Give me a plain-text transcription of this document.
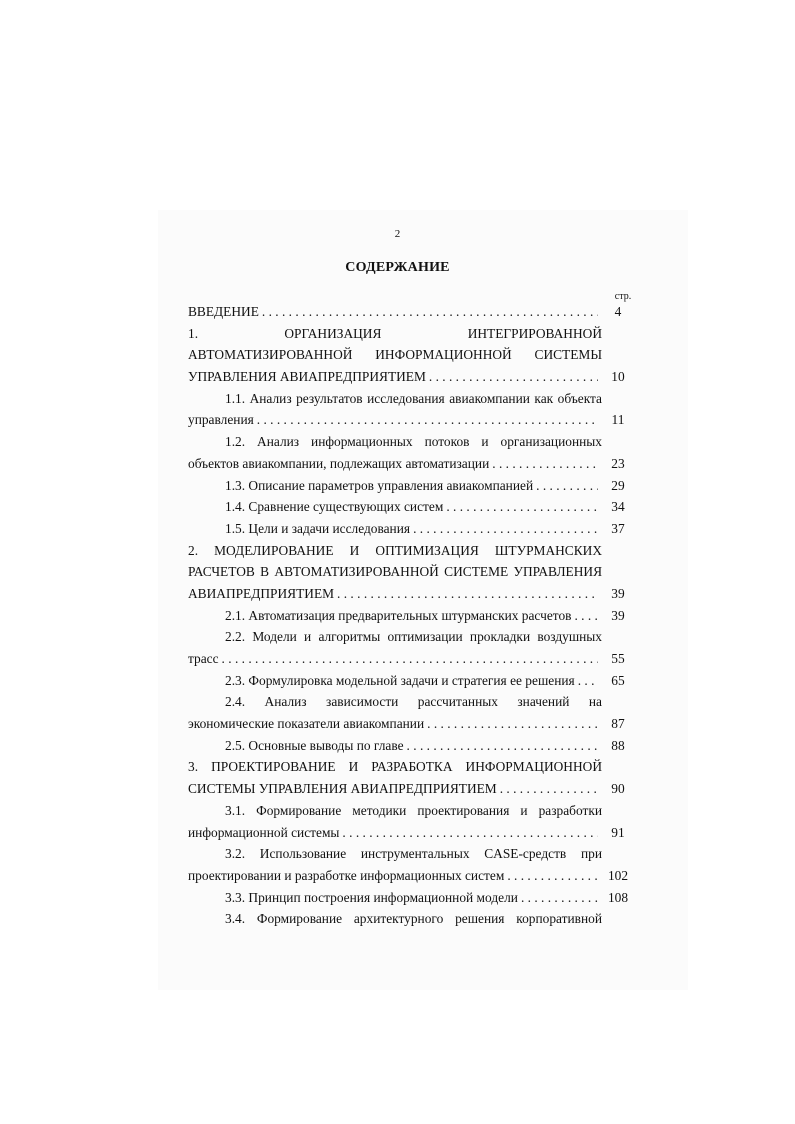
2
СОДЕРЖАНИЕ
стр.
ВВЕДЕНИЕ . . .	4
1. ОРГАНИЗАЦИЯ ИНТЕГРИРОВАННОЙ
АВТОМАТИЗИРОВАННОЙ ИНФОРМАЦИОННОЙ СИСТЕМЫ
УПРАВЛЕНИЯ АВИАПРЕДПРИЯТИЕМ . . .	10
1.1. Анализ результатов исследования авиакомпании как объекта
управления . . .	11
1.2. Анализ информационных потоков и организационных
объектов авиакомпании, подлежащих автоматизации . . .	23
1.3. Описание параметров управления авиакомпанией . . .	29
1.4. Сравнение существующих систем . . .	34
1.5. Цели и задачи исследования . . .	37
2. МОДЕЛИРОВАНИЕ И ОПТИМИЗАЦИЯ ШТУРМАНСКИХ
РАСЧЕТОВ В АВТОМАТИЗИРОВАННОЙ СИСТЕМЕ УПРАВЛЕНИЯ
АВИАПРЕДПРИЯТИЕМ . . .	39
2.1. Автоматизация предварительных штурманских расчетов . . .	39
2.2. Модели и алгоритмы оптимизации прокладки воздушных
трасс . . .	55
2.3. Формулировка модельной задачи и стратегия ее решения . . .	65
2.4. Анализ зависимости рассчитанных значений на
экономические показатели авиакомпании . . .	87
2.5. Основные выводы по главе . . .	88
3. ПРОЕКТИРОВАНИЕ И РАЗРАБОТКА ИНФОРМАЦИОННОЙ
СИСТЕМЫ УПРАВЛЕНИЯ АВИАПРЕДПРИЯТИЕМ . . .	90
3.1. Формирование методики проектирования и разработки
информационной системы . . .	91
3.2. Использование инструментальных CASE-средств при
проектировании и разработке информационных систем . . .	102
3.3. Принцип построения информационной модели . . .	108
3.4. Формирование архитектурного решения корпоративной
